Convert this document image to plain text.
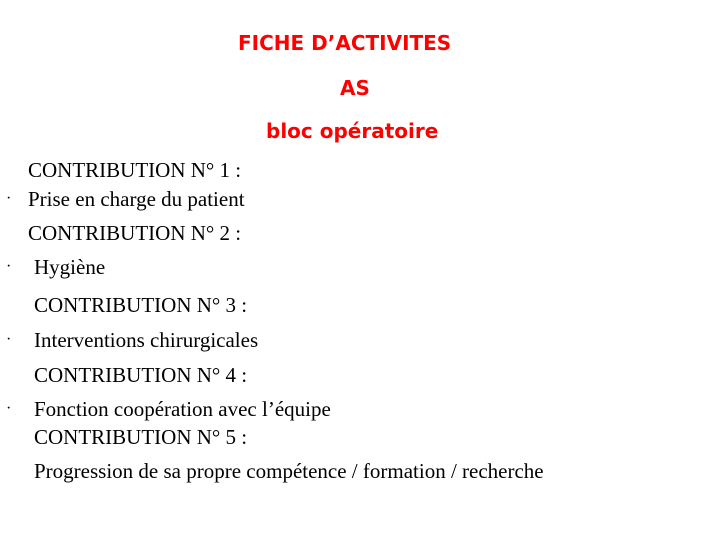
FICHE D’ACTIVITES
AS
bloc opératoire
CONTRIBUTION N° 1 :
· Prise en charge du patient
CONTRIBUTION N° 2 :
· Hygiène
CONTRIBUTION N° 3 :
· Interventions chirurgicales
CONTRIBUTION N° 4 :
· Fonction coopération avec l’équipe
CONTRIBUTION N° 5 :
Progression de sa propre compétence / formation / recherche
